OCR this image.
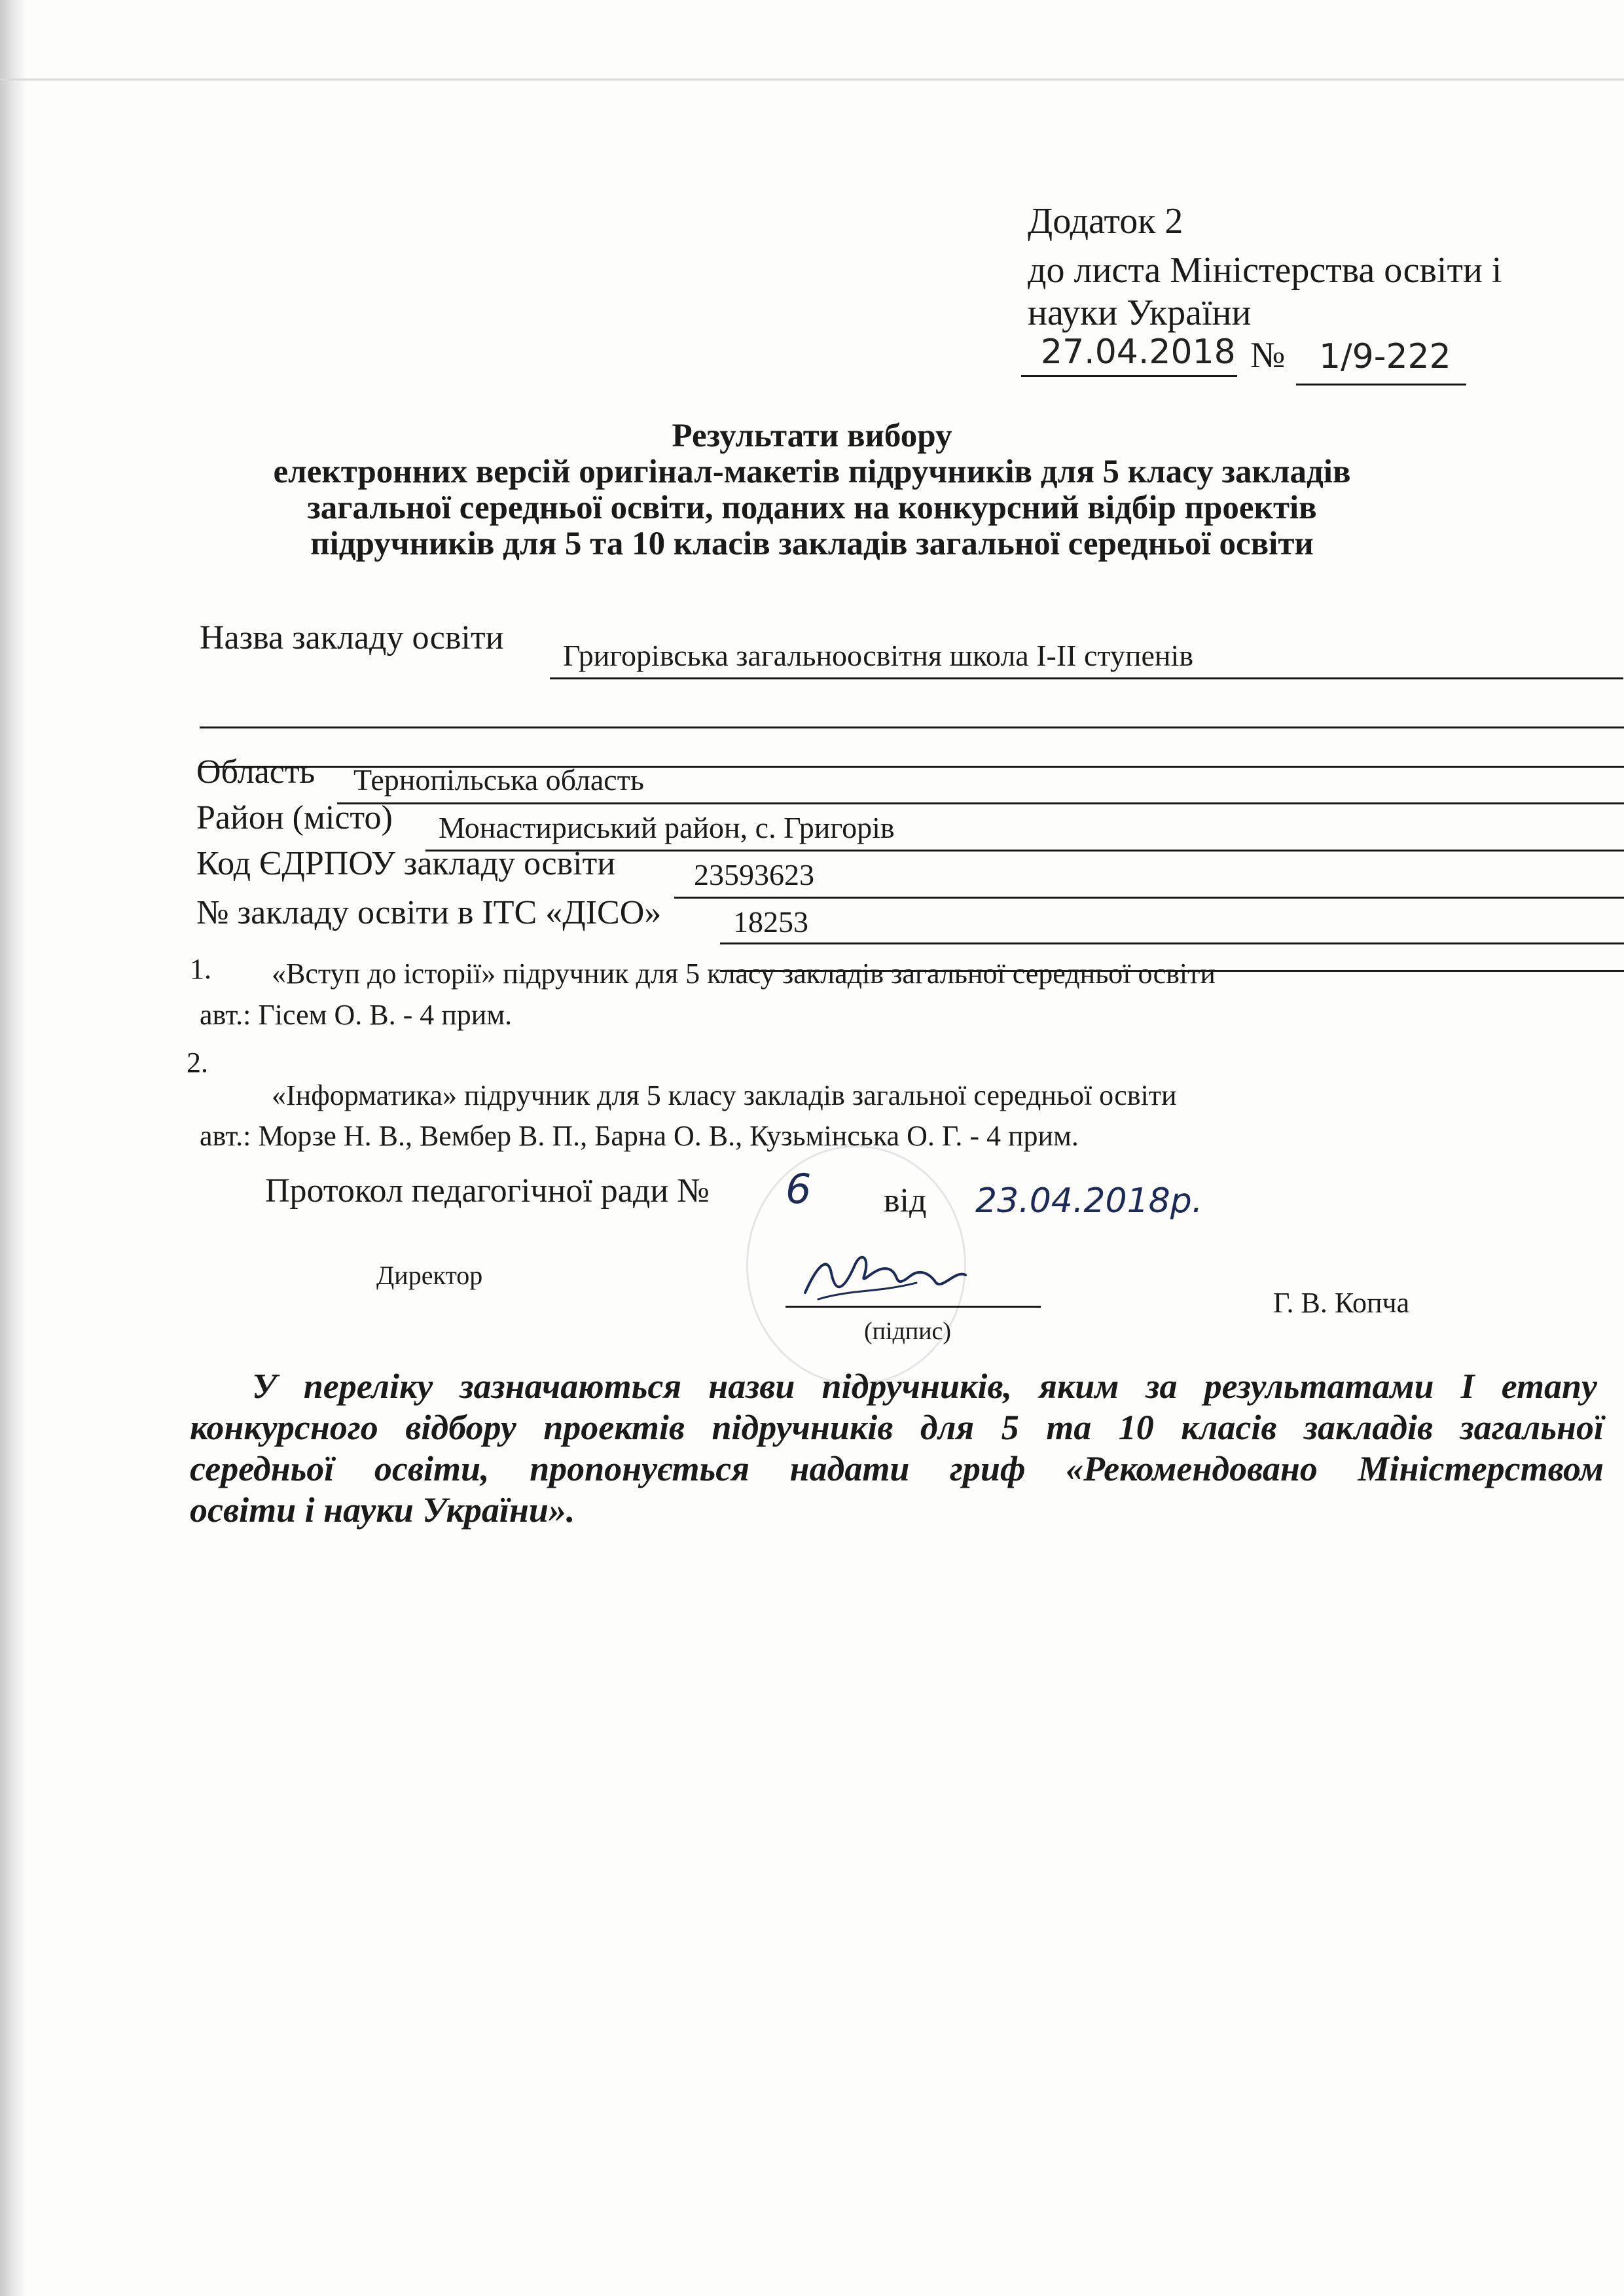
Додаток 2
до листа Міністерства освіти і
науки України
27.04.2018 № 1/9-222
Результати вибору
електронних версій оригінал-макетів підручників для 5 класу закладів
загальної середньої освіти, поданих на конкурсний відбір проектів
підручників для 5 та 10 класів закладів загальної середньої освіти
Назва закладу освіти Григорівська загальноосвітня школа I-II ступенів
Область Тернопільська область
Район (місто) Монастириський район, с. Григорів
Код ЄДРПОУ закладу освіти	23593623
№ закладу освіти в ІТС «ДІСО» 18253
1. «Вступ до історії» підручник для 5 класу закладів загальної середньої освіти
авт.: Гісем О. В. - 4 прим.
2.
«Інформатика» підручник для 5 класу закладів загальної середньої освіти
авт.: Морзе Н. В., Вембер В. П., Барна О. В., Кузьмінська О. Г. - 4 прим.
Протокол педагогічної ради № 6 від 23.04.2018р.
Директор
(підпис)
Г. В. Копча
У переліку зазначаються назви підручників, яким за результатами І етапу
конкурсного відбору проектів підручників для 5 та 10 класів закладів загальної
середньої освіти, пропонується надати гриф «Рекомендовано Міністерством
освіти і науки України».
